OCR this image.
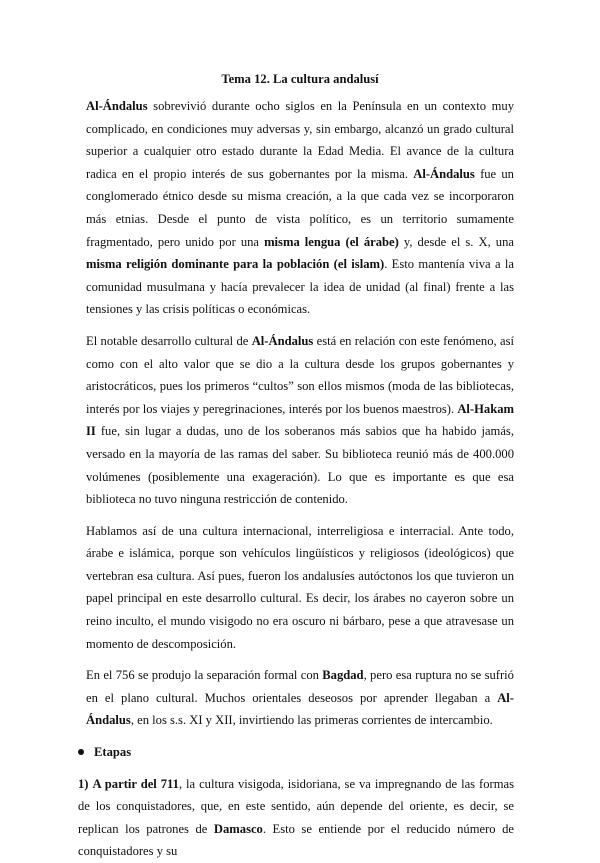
Tema 12. La cultura andalusí

Al-Ándalus sobrevivió durante ocho siglos en la Península en un contexto muy complicado, en condiciones muy adversas y, sin embargo, alcanzó un grado cultural superior a cualquier otro estado durante la Edad Media. El avance de la cultura radica en el propio interés de sus gobernantes por la misma. Al-Ándalus fue un conglomerado étnico desde su misma creación, a la que cada vez se incorporaron más etnias. Desde el punto de vista político, es un territorio sumamente fragmentado, pero unido por una misma lengua (el árabe) y, desde el s. X, una misma religión dominante para la población (el islam). Esto mantenía viva a la comunidad musulmana y hacía prevalecer la idea de unidad (al final) frente a las tensiones y las crisis políticas o económicas.

El notable desarrollo cultural de Al-Ándalus está en relación con este fenómeno, así como con el alto valor que se dio a la cultura desde los grupos gobernantes y aristocráticos, pues los primeros “cultos” son ellos mismos (moda de las bibliotecas, interés por los viajes y peregrinaciones, interés por los buenos maestros). Al-Hakam II fue, sin lugar a dudas, uno de los soberanos más sabios que ha habido jamás, versado en la mayoría de las ramas del saber. Su biblioteca reunió más de 400.000 volúmenes (posiblemente una exageración). Lo que es importante es que esa biblioteca no tuvo ninguna restricción de contenido.

Hablamos así de una cultura internacional, interreligiosa e interracial. Ante todo, árabe e islámica, porque son vehículos lingüísticos y religiosos (ideológicos) que vertebran esa cultura. Así pues, fueron los andalusíes autóctonos los que tuvieron un papel principal en este desarrollo cultural. Es decir, los árabes no cayeron sobre un reino inculto, el mundo visigodo no era oscuro ni bárbaro, pese a que atravesase un momento de descomposición.

En el 756 se produjo la separación formal con Bagdad, pero esa ruptura no se sufrió en el plano cultural. Muchos orientales deseosos por aprender llegaban a Al-Ándalus, en los s.s. XI y XII, invirtiendo las primeras corrientes de intercambio.

Etapas
1) A partir del 711, la cultura visigoda, isidoriana, se va impregnando de las formas de los conquistadores, que, en este sentido, aún depende del oriente, es decir, se replican los patrones de Damasco. Esto se entiende por el reducido número de conquistadores y su
